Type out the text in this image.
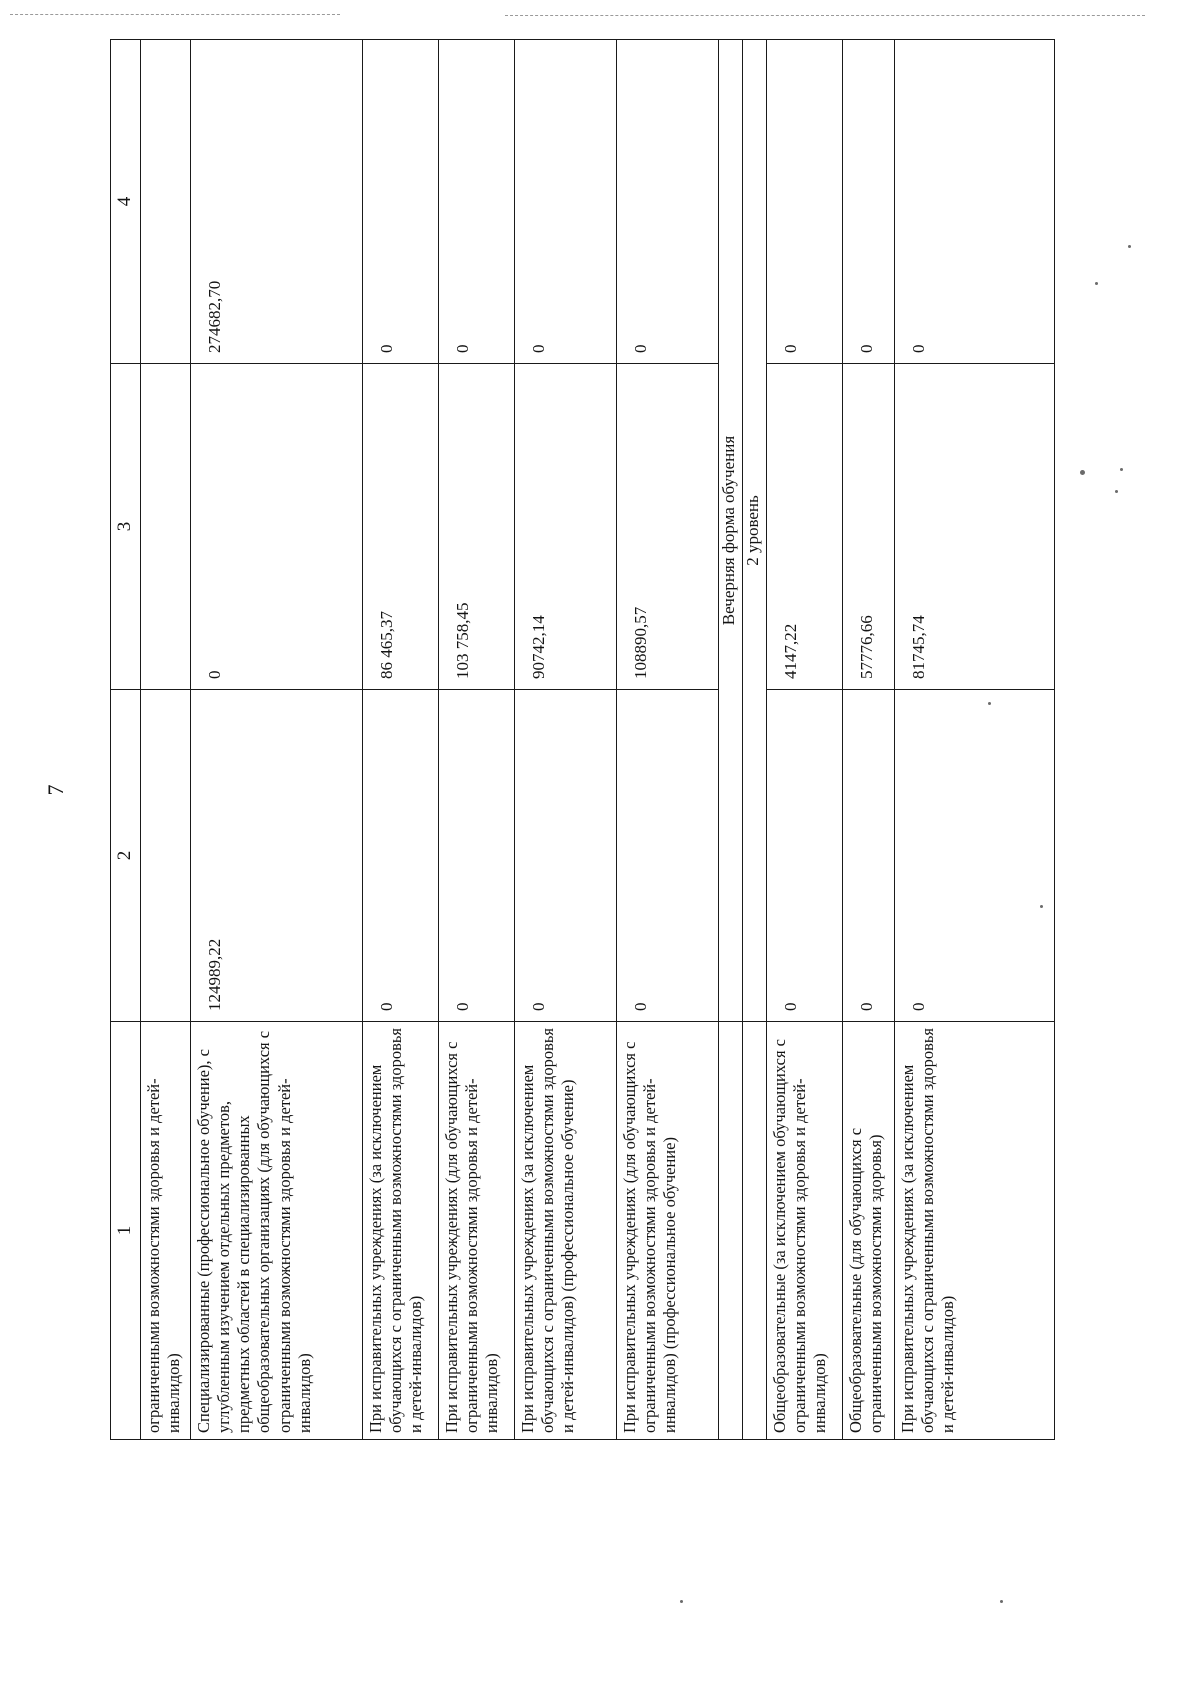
7
1	2	3	4
ограниченными возможностями здоровья и детей-инвалидов)			
Специализированные (профессиональное обучение), с углубленным изучением отдельных предметов, предметных областей в специализированных общеобразовательных организациях (для обучающихся с ограниченными возможностями здоровья и детей-инвалидов)	124989,22	0	274682,70
При исправительных учреждениях (за исключением обучающихся с ограниченными возможностями здоровья и детей-инвалидов)	0	86 465,37	0
При исправительных учреждениях (для обучающихся с ограниченными возможностями здоровья и детей-инвалидов)	0	103 758,45	0
При исправительных учреждениях (за исключением обучающихся с ограниченными возможностями здоровья и детей-инвалидов) (профессиональное обучение)	0	90742,14	0
При исправительных учреждениях (для обучающихся с ограниченными возможностями здоровья и детей-инвалидов) (профессиональное обучение)	0	108890,57	0
	Вечерняя форма обучения		
	2 уровень		
Общеобразовательные (за исключением обучающихся с ограниченными возможностями здоровья и детей-инвалидов)	0	4147,22	0
Общеобразовательные (для обучающихся с ограниченными возможностями здоровья)	0	57776,66	0
При исправительных учреждениях (за исключением обучающихся с ограниченными возможностями здоровья и детей-инвалидов)	0	81745,74	0
